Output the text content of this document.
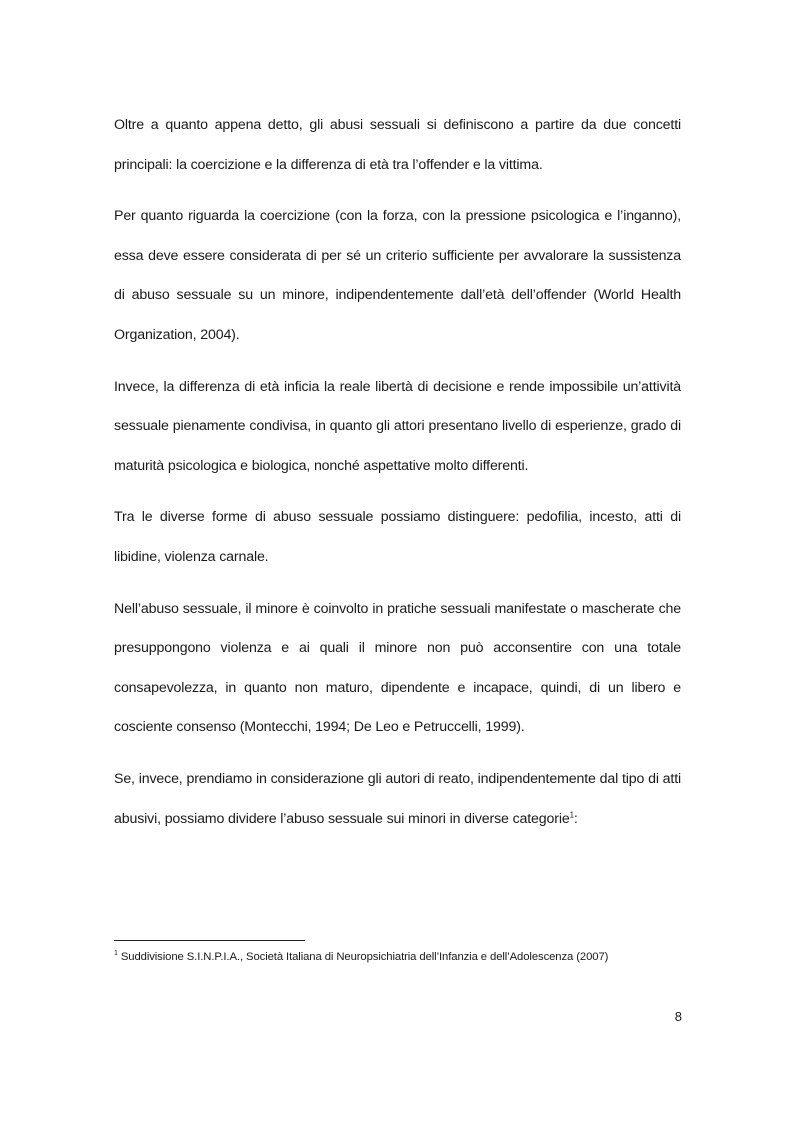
Oltre a quanto appena detto, gli abusi sessuali si definiscono a partire da due concetti principali: la coercizione e la differenza di età tra l’offender e la vittima.

Per quanto riguarda la coercizione (con la forza, con la pressione psicologica e l’inganno), essa deve essere considerata di per sé un criterio sufficiente per avvalorare la sussistenza di abuso sessuale su un minore, indipendentemente dall’età dell’offender (World Health Organization, 2004).

Invece, la differenza di età inficia la reale libertà di decisione e rende impossibile un’attività sessuale pienamente condivisa, in quanto gli attori presentano livello di esperienze, grado di maturità psicologica e biologica, nonché aspettative molto differenti.

Tra le diverse forme di abuso sessuale possiamo distinguere: pedofilia, incesto, atti di libidine, violenza carnale.

Nell’abuso sessuale, il minore è coinvolto in pratiche sessuali manifestate o mascherate che presuppongono violenza e ai quali il minore non può acconsentire con una totale consapevolezza, in quanto non maturo, dipendente e incapace, quindi, di un libero e cosciente consenso (Montecchi, 1994; De Leo e Petruccelli, 1999).

Se, invece, prendiamo in considerazione gli autori di reato, indipendentemente dal tipo di atti abusivi, possiamo dividere l’abuso sessuale sui minori in diverse categorie$^1$:

$^1$ Suddivisione S.I.N.P.I.A., Società Italiana di Neuropsichiatria dell’Infanzia e dell’Adolescenza (2007)
8
